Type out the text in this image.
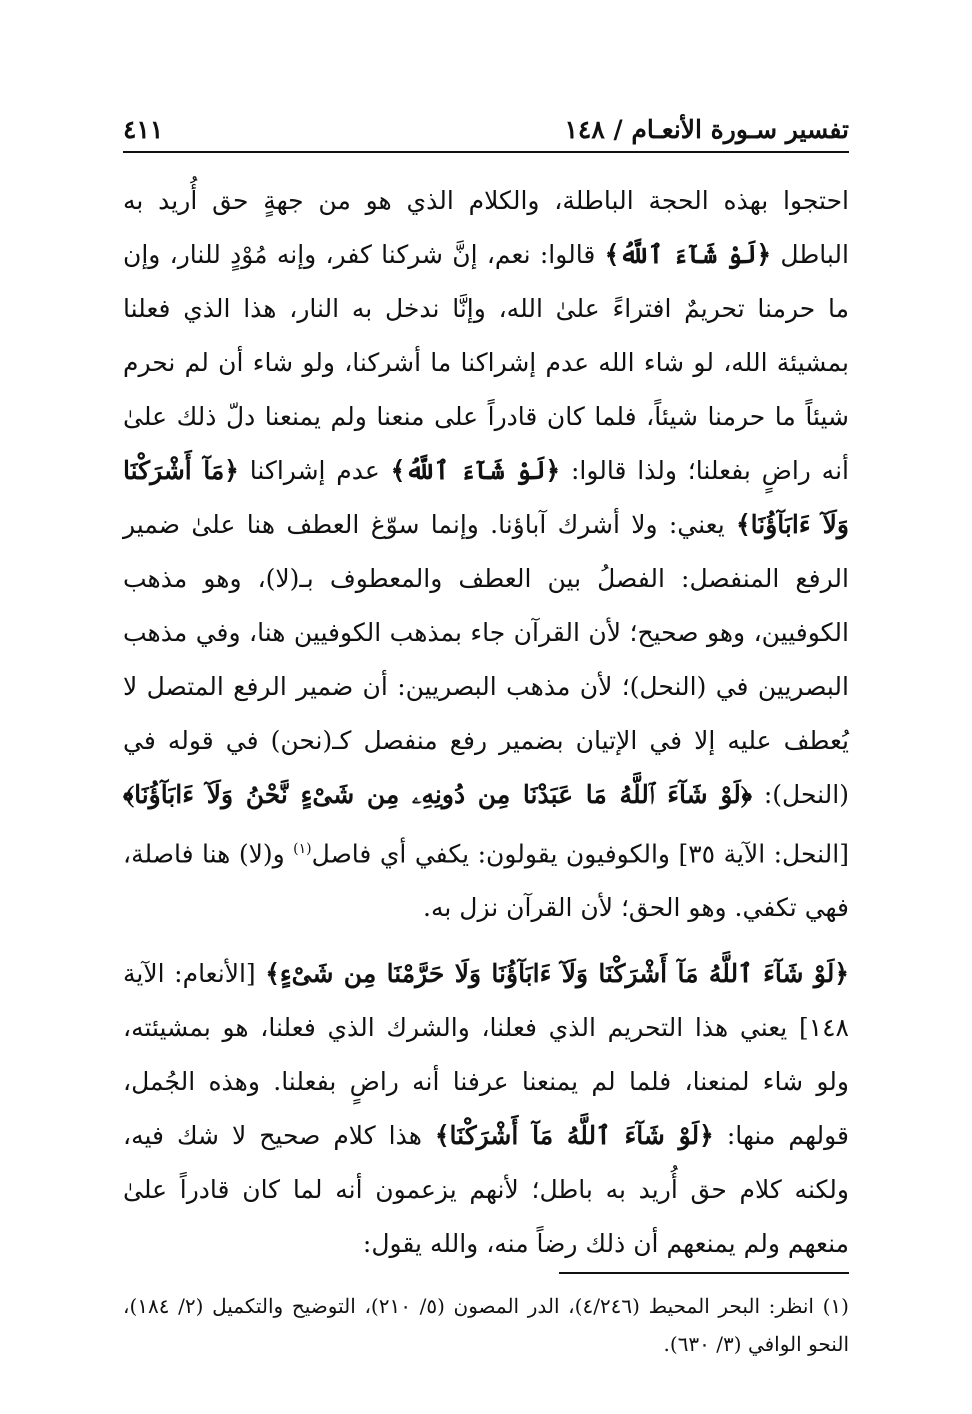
تفسير سـورة الأنعـام / ١٤٨
٤١١

احتجوا بهذه الحجة الباطلة، والكلام الذي هو من جهةٍ حق أُريد به الباطل ﴿لَوْ شَآءَ ٱللَّهُ﴾ قالوا: نعم، إنَّ شركنا كفر، وإنه مُوْدٍ للنار، وإن ما حرمنا تحريمٌ افتراءً علىٰ الله، وإنَّا ندخل به النار، هذا الذي فعلنا بمشيئة الله، لو شاء الله عدم إشراكنا ما أشركنا، ولو شاء أن لم نحرم شيئاً ما حرمنا شيئاً، فلما كان قادراً على منعنا ولم يمنعنا دلّ ذلك علىٰ أنه راضٍ بفعلنا؛ ولذا قالوا: ﴿لَوْ شَآءَ ٱللَّهُ﴾ عدم إشراكنا ﴿مَآ أَشْرَكْنَا وَلَآ ءَابَآؤُنَا﴾ يعني: ولا أشرك آباؤنا. وإنما سوّغ العطف هنا علىٰ ضمير الرفع المنفصل: الفصلُ بين العطف والمعطوف بـ(لا)، وهو مذهب الكوفيين، وهو صحيح؛ لأن القرآن جاء بمذهب الكوفيين هنا، وفي مذهب البصريين في (النحل)؛ لأن مذهب البصريين: أن ضمير الرفع المتصل لا يُعطف عليه إلا في الإتيان بضمير رفع منفصل كـ(نحن) في قوله في (النحل): ﴿لَوْ شَآءَ ٱللَّهُ مَا عَبَدْنَا مِن دُونِهِۦ مِن شَىْءٍ نَّحْنُ وَلَآ ءَابَآؤُنَا﴾ [النحل: الآية ٣٥] والكوفيون يقولون: يكفي أي فاصل$^{(١)}$ و(لا) هنا فاصلة، فهي تكفي. وهو الحق؛ لأن القرآن نزل به.

﴿لَوْ شَآءَ ٱللَّهُ مَآ أَشْرَكْنَا وَلَآ ءَابَآؤُنَا وَلَا حَرَّمْنَا مِن شَىْءٍ﴾ [الأنعام: الآية ١٤٨] يعني هذا التحريم الذي فعلنا، والشرك الذي فعلنا، هو بمشيئته، ولو شاء لمنعنا، فلما لم يمنعنا عرفنا أنه راضٍ بفعلنا. وهذه الجُمل، قولهم منها: ﴿لَوْ شَآءَ ٱللَّهُ مَآ أَشْرَكْنَا﴾ هذا كلام صحيح لا شك فيه، ولكنه كلام حق أُريد به باطل؛ لأنهم يزعمون أنه لما كان قادراً علىٰ منعهم ولم يمنعهم أن ذلك رضاً منه، والله يقول:

(١) انظر: البحر المحيط (٤/٢٤٦)، الدر المصون (٥/ ٢١٠)، التوضيح والتكميل (٢/ ١٨٤)، النحو الوافي (٣/ ٦٣٠).
